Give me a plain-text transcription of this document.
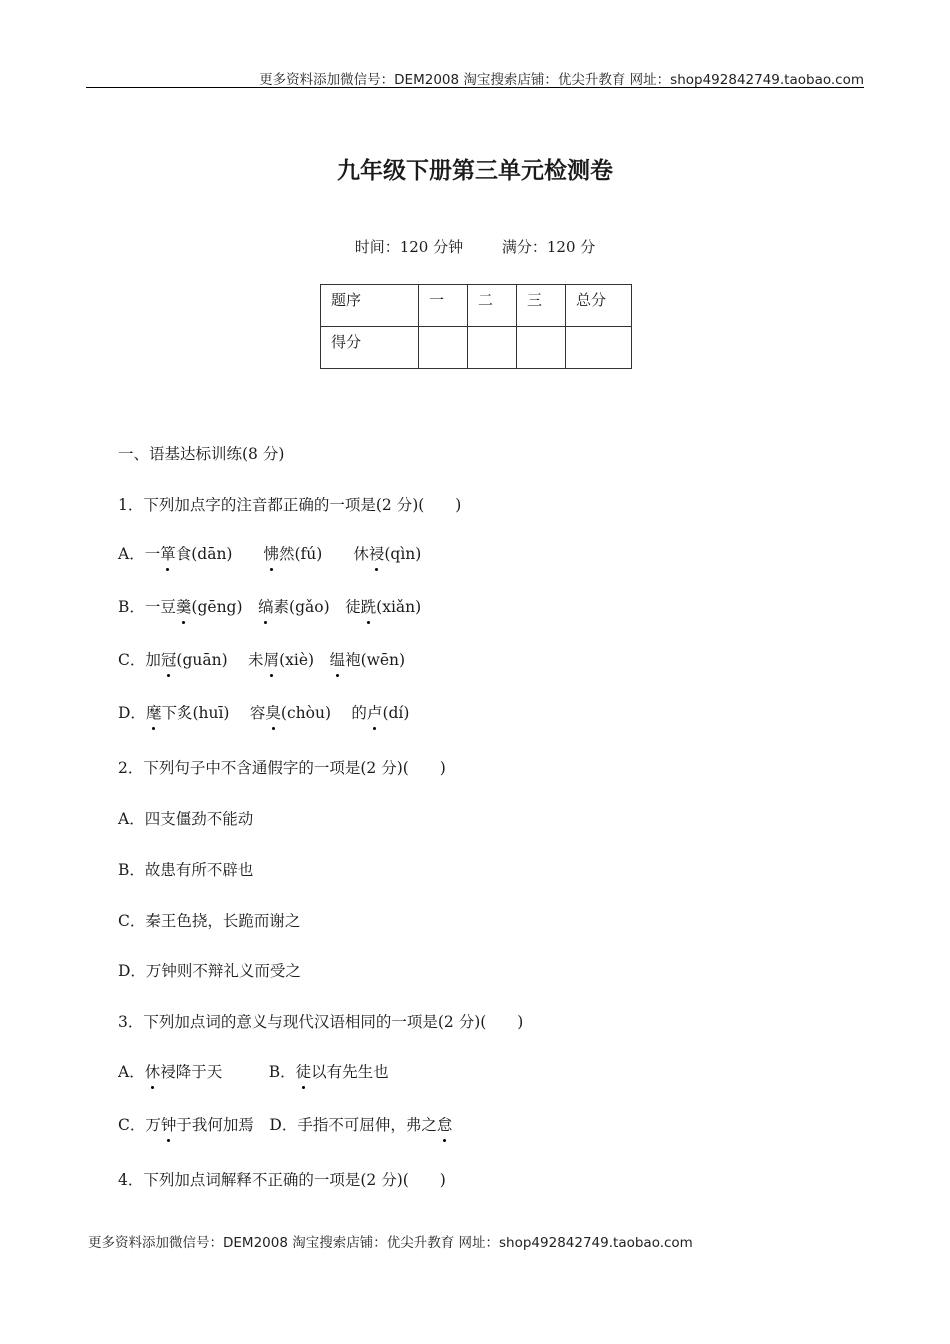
更多资料添加微信号：DEM2008 淘宝搜索店铺：优尖升教育 网址：shop492842749.taobao.com
九年级下册第三单元检测卷
时间：120 分钟	满分：120 分
题序	一	二	三	总分
得分				
一、语基达标训练(8 分)
1．下列加点字的注音都正确的一项是(2 分)(　　)
A．一箪食(dān)　　怫然(fú)　　休祲(qìn)
B．一豆羹(gēng)　缟素(gǎo)　徒跣(xiǎn)
C．加冠(guān)　 未屑(xiè)　缊袍(wēn)
D．麾下炙(huī)　 容臭(chòu)　 的卢(dí)
2．下列句子中不含通假字的一项是(2 分)(　　)
A．四支僵劲不能动
B．故患有所不辟也
C．秦王色挠，长跪而谢之
D．万钟则不辩礼义而受之
3．下列加点词的意义与现代汉语相同的一项是(2 分)(　　)
A．休祲降于天　　　B．徒以有先生也
C．万钟于我何加焉　D．手指不可屈伸，弗之怠
4．下列加点词解释不正确的一项是(2 分)(　　)
更多资料添加微信号：DEM2008 淘宝搜索店铺：优尖升教育 网址：shop492842749.taobao.com
